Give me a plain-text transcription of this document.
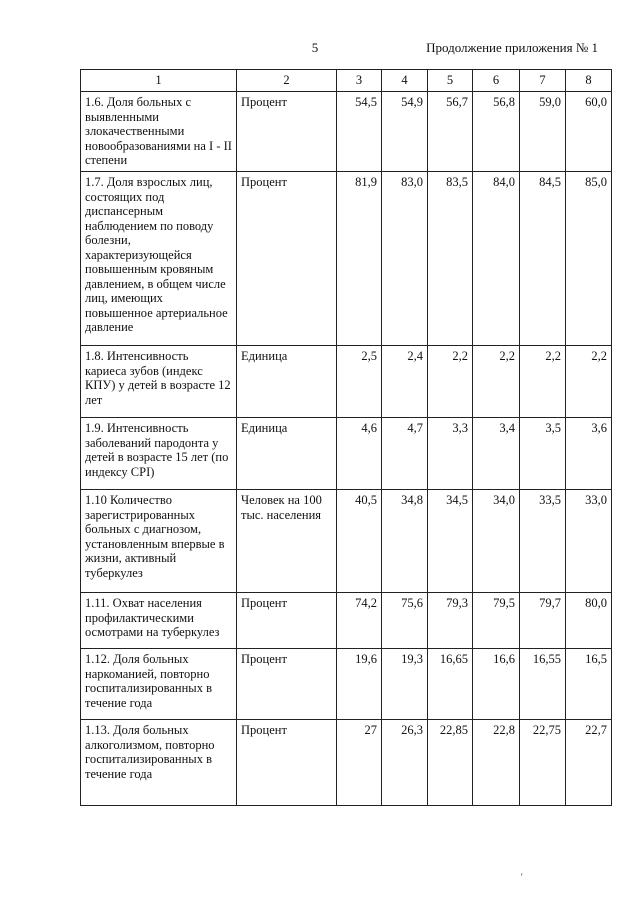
5	Продолжение приложения № 1
1	2	3	4	5	6	7	8
1.6. Доля больных с выявленными злокачественными новообразованиями на I - II степени	Процент	54,5	54,9	56,7	56,8	59,0	60,0
1.7. Доля взрослых лиц, состоящих под диспансерным наблюдением по поводу болезни, характеризующейся повышенным кровяным давлением, в общем числе лиц, имеющих повышенное артериальное давление	Процент	81,9	83,0	83,5	84,0	84,5	85,0
1.8. Интенсивность кариеса зубов (индекс КПУ) у детей в возрасте 12 лет	Единица	2,5	2,4	2,2	2,2	2,2	2,2
1.9. Интенсивность заболеваний пародонта у детей в возрасте 15 лет (по индексу CPI)	Единица	4,6	4,7	3,3	3,4	3,5	3,6
1.10 Количество зарегистрированных больных с диагнозом, установленным впервые в жизни, активный туберкулез	Человек на 100 тыс. населения	40,5	34,8	34,5	34,0	33,5	33,0
1.11. Охват населения профилактическими осмотрами на туберкулез	Процент	74,2	75,6	79,3	79,5	79,7	80,0
1.12. Доля больных наркоманией, повторно госпитализированных в течение года	Процент	19,6	19,3	16,65	16,6	16,55	16,5
1.13. Доля больных алкоголизмом, повторно госпитализированных в течение года	Процент	27	26,3	22,85	22,8	22,75	22,7
'
